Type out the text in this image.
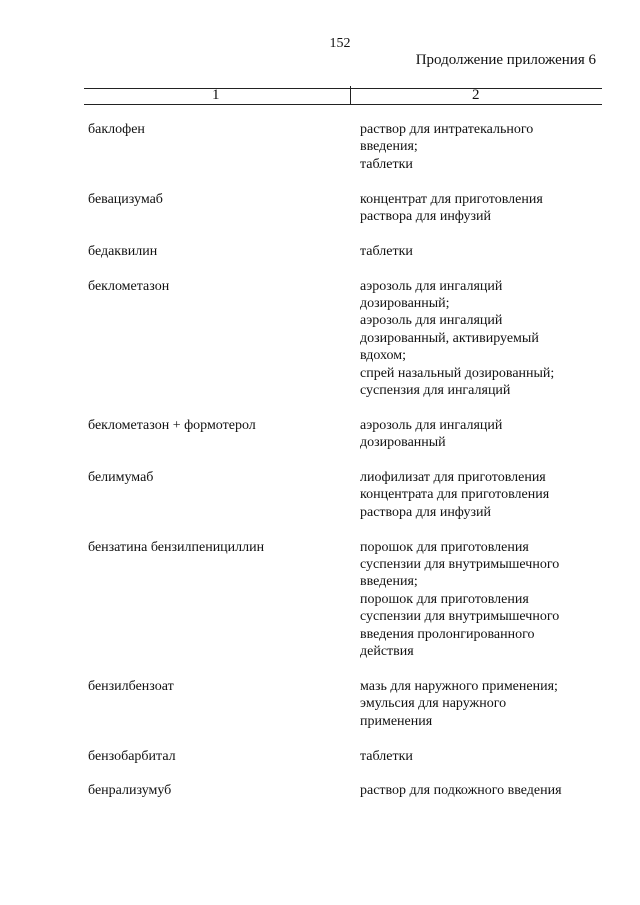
152
Продолжение приложения 6
1	2
баклофен	раствор для интратекального
введения;
таблетки
бевацизумаб	концентрат для приготовления
раствора для инфузий
бедаквилин	таблетки
беклометазон	аэрозоль для ингаляций
дозированный;
аэрозоль для ингаляций
дозированный, активируемый
вдохом;
спрей назальный дозированный;
суспензия для ингаляций
беклометазон + формотерол	аэрозоль для ингаляций
дозированный
белимумаб	лиофилизат для приготовления
концентрата для приготовления
раствора для инфузий
бензатина бензилпенициллин	порошок для приготовления
суспензии для внутримышечного
введения;
порошок для приготовления
суспензии для внутримышечного
введения пролонгированного
действия
бензилбензоат	мазь для наружного применения;
эмульсия для наружного
применения
бензобарбитал	таблетки
бенрализумуб	раствор для подкожного введения
